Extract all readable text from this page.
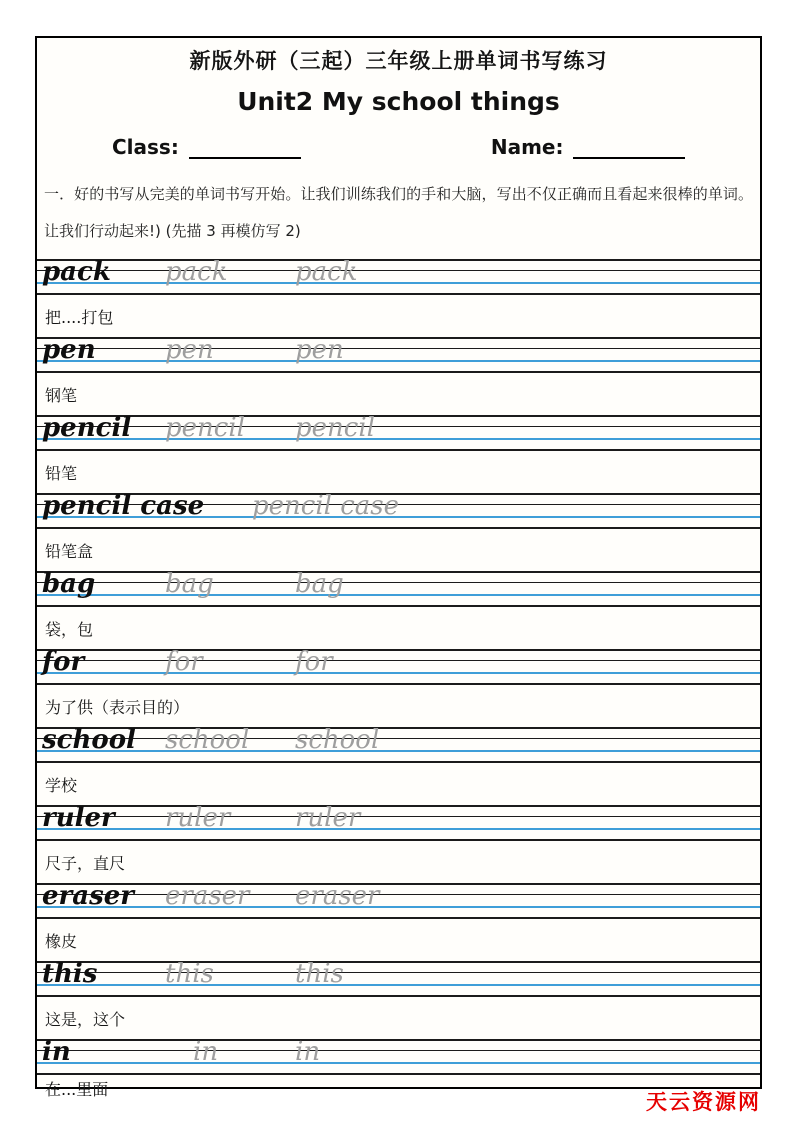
新版外研（三起）三年级上册单词书写练习
Unit2 My school things
Class:	Name:
一．好的书写从完美的单词书写开始。让我们训练我们的手和大脑，写出不仅正确而且看起来很棒的单词。让我们行动起来!) (先描 3 再模仿写 2)
pack pack	pack
把....打包
pen	pen	pen
钢笔
pencil pencil pencil
铅笔
pencil case pencil case
铅笔盒
bag	bag	bag
袋，包
for	for	for
为了供（表示目的）
school school school
学校
ruler ruler ruler
尺子，直尺
eraser eraser eraser
橡皮
this	this	this
这是，这个
in	in	in
在...里面
天云资源网
